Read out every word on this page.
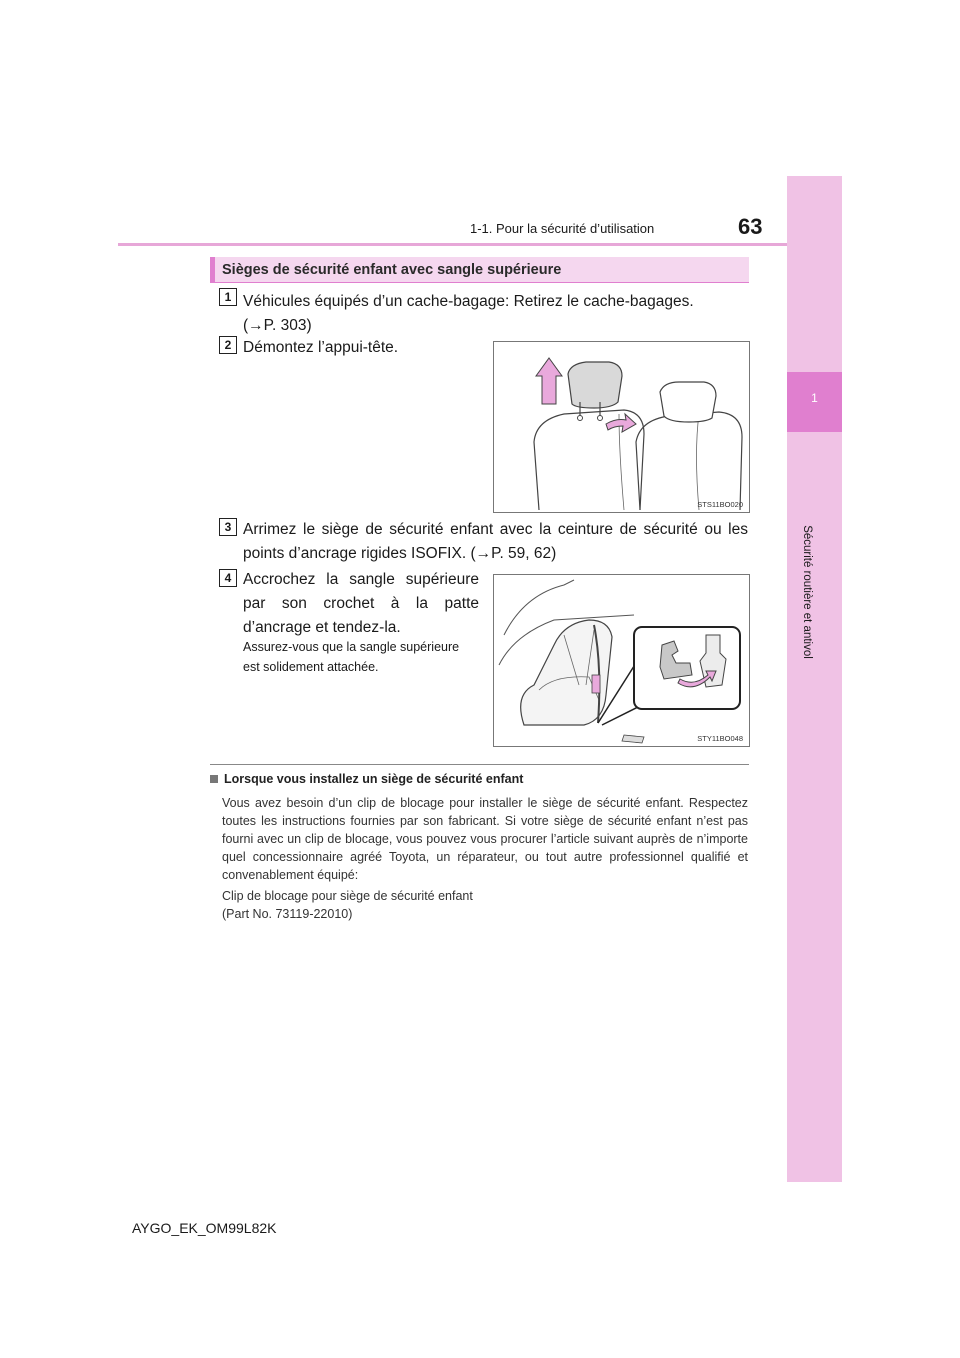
1-1. Pour la sécurité d’utilisation	63
1
Sécurité routière et antivol
Sièges de sécurité enfant avec sangle supérieure
1 Véhicules équipés d’un cache-bagage: Retirez le cache-bagages.
(→P. 303)
2 Démontez l’appui-tête.
STS11BO020
3 Arrimez le siège de sécurité enfant avec la ceinture de sécurité ou les
points d’ancrage rigides ISOFIX. (→P. 59, 62)
4 Accrochez la sangle supérieure
par son crochet à la patte
d’ancrage et tendez-la.
Assurez-vous que la sangle supérieure
est solidement attachée.
STY11BO048
Lorsque vous installez un siège de sécurité enfant
Vous avez besoin d’un clip de blocage pour installer le siège de sécurité enfant. Respectez toutes les instructions fournies par son fabricant. Si votre siège de sécurité enfant n’est pas fourni avec un clip de blocage, vous pouvez vous procurer l’article suivant auprès de n’importe quel concessionnaire agréé Toyota, un réparateur, ou tout autre professionnel qualifié et convenablement équipé:
Clip de blocage pour siège de sécurité enfant
(Part No. 73119-22010)
AYGO_EK_OM99L82K
